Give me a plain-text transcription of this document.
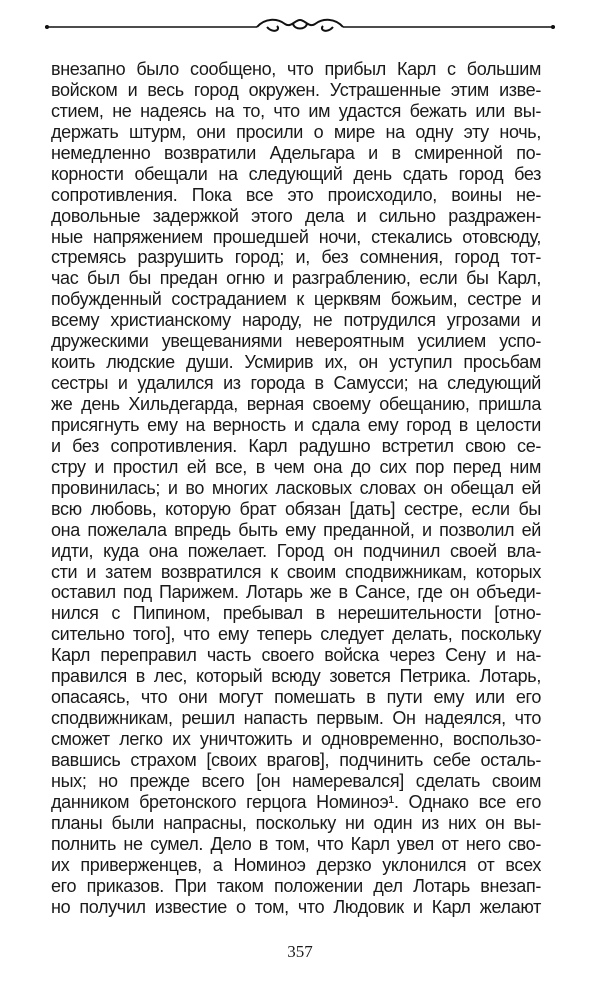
внезапно было сообщено, что прибыл Карл с большим
войском и весь город окружен. Устрашенные этим изве-
стием, не надеясь на то, что им удастся бежать или вы-
держать штурм, они просили о мире на одну эту ночь,
немедленно возвратили Адельгара и в смиренной по-
корности обещали на следующий день сдать город без
сопротивления. Пока все это происходило, воины не-
довольные задержкой этого дела и сильно раздражен-
ные напряжением прошедшей ночи, стекались отовсюду,
стремясь разрушить город; и, без сомнения, город тот-
час был бы предан огню и разграблению, если бы Карл,
побужденный состраданием к церквям божьим, сестре и
всему христианскому народу, не потрудился угрозами и
дружескими увещеваниями невероятным усилием успо-
коить людские души. Усмирив их, он уступил просьбам
сестры и удалился из города в Самусси; на следующий
же день Хильдегарда, верная своему обещанию, пришла
присягнуть ему на верность и сдала ему город в целости
и без сопротивления. Карл радушно встретил свою се-
стру и простил ей все, в чем она до сих пор перед ним
провинилась; и во многих ласковых словах он обещал ей
всю любовь, которую брат обязан [дать] сестре, если бы
она пожелала впредь быть ему преданной, и позволил ей
идти, куда она пожелает. Город он подчинил своей вла-
сти и затем возвратился к своим сподвижникам, которых
оставил под Парижем. Лотарь же в Сансе, где он объеди-
нился с Пипином, пребывал в нерешительности [отно-
сительно того], что ему теперь следует делать, поскольку
Карл переправил часть своего войска через Сену и на-
правился в лес, который всюду зовется Петрика. Лотарь,
опасаясь, что они могут помешать в пути ему или его
сподвижникам, решил напасть первым. Он надеялся, что
сможет легко их уничтожить и одновременно, воспользо-
вавшись страхом [своих врагов], подчинить себе осталь-
ных; но прежде всего [он намеревался] сделать своим
данником бретонского герцога Номиноэ¹. Однако все его
планы были напрасны, поскольку ни один из них он вы-
полнить не сумел. Дело в том, что Карл увел от него сво-
их приверженцев, а Номиноэ дерзко уклонился от всех
его приказов. При таком положении дел Лотарь внезап-
но получил известие о том, что Людовик и Карл желают
357
